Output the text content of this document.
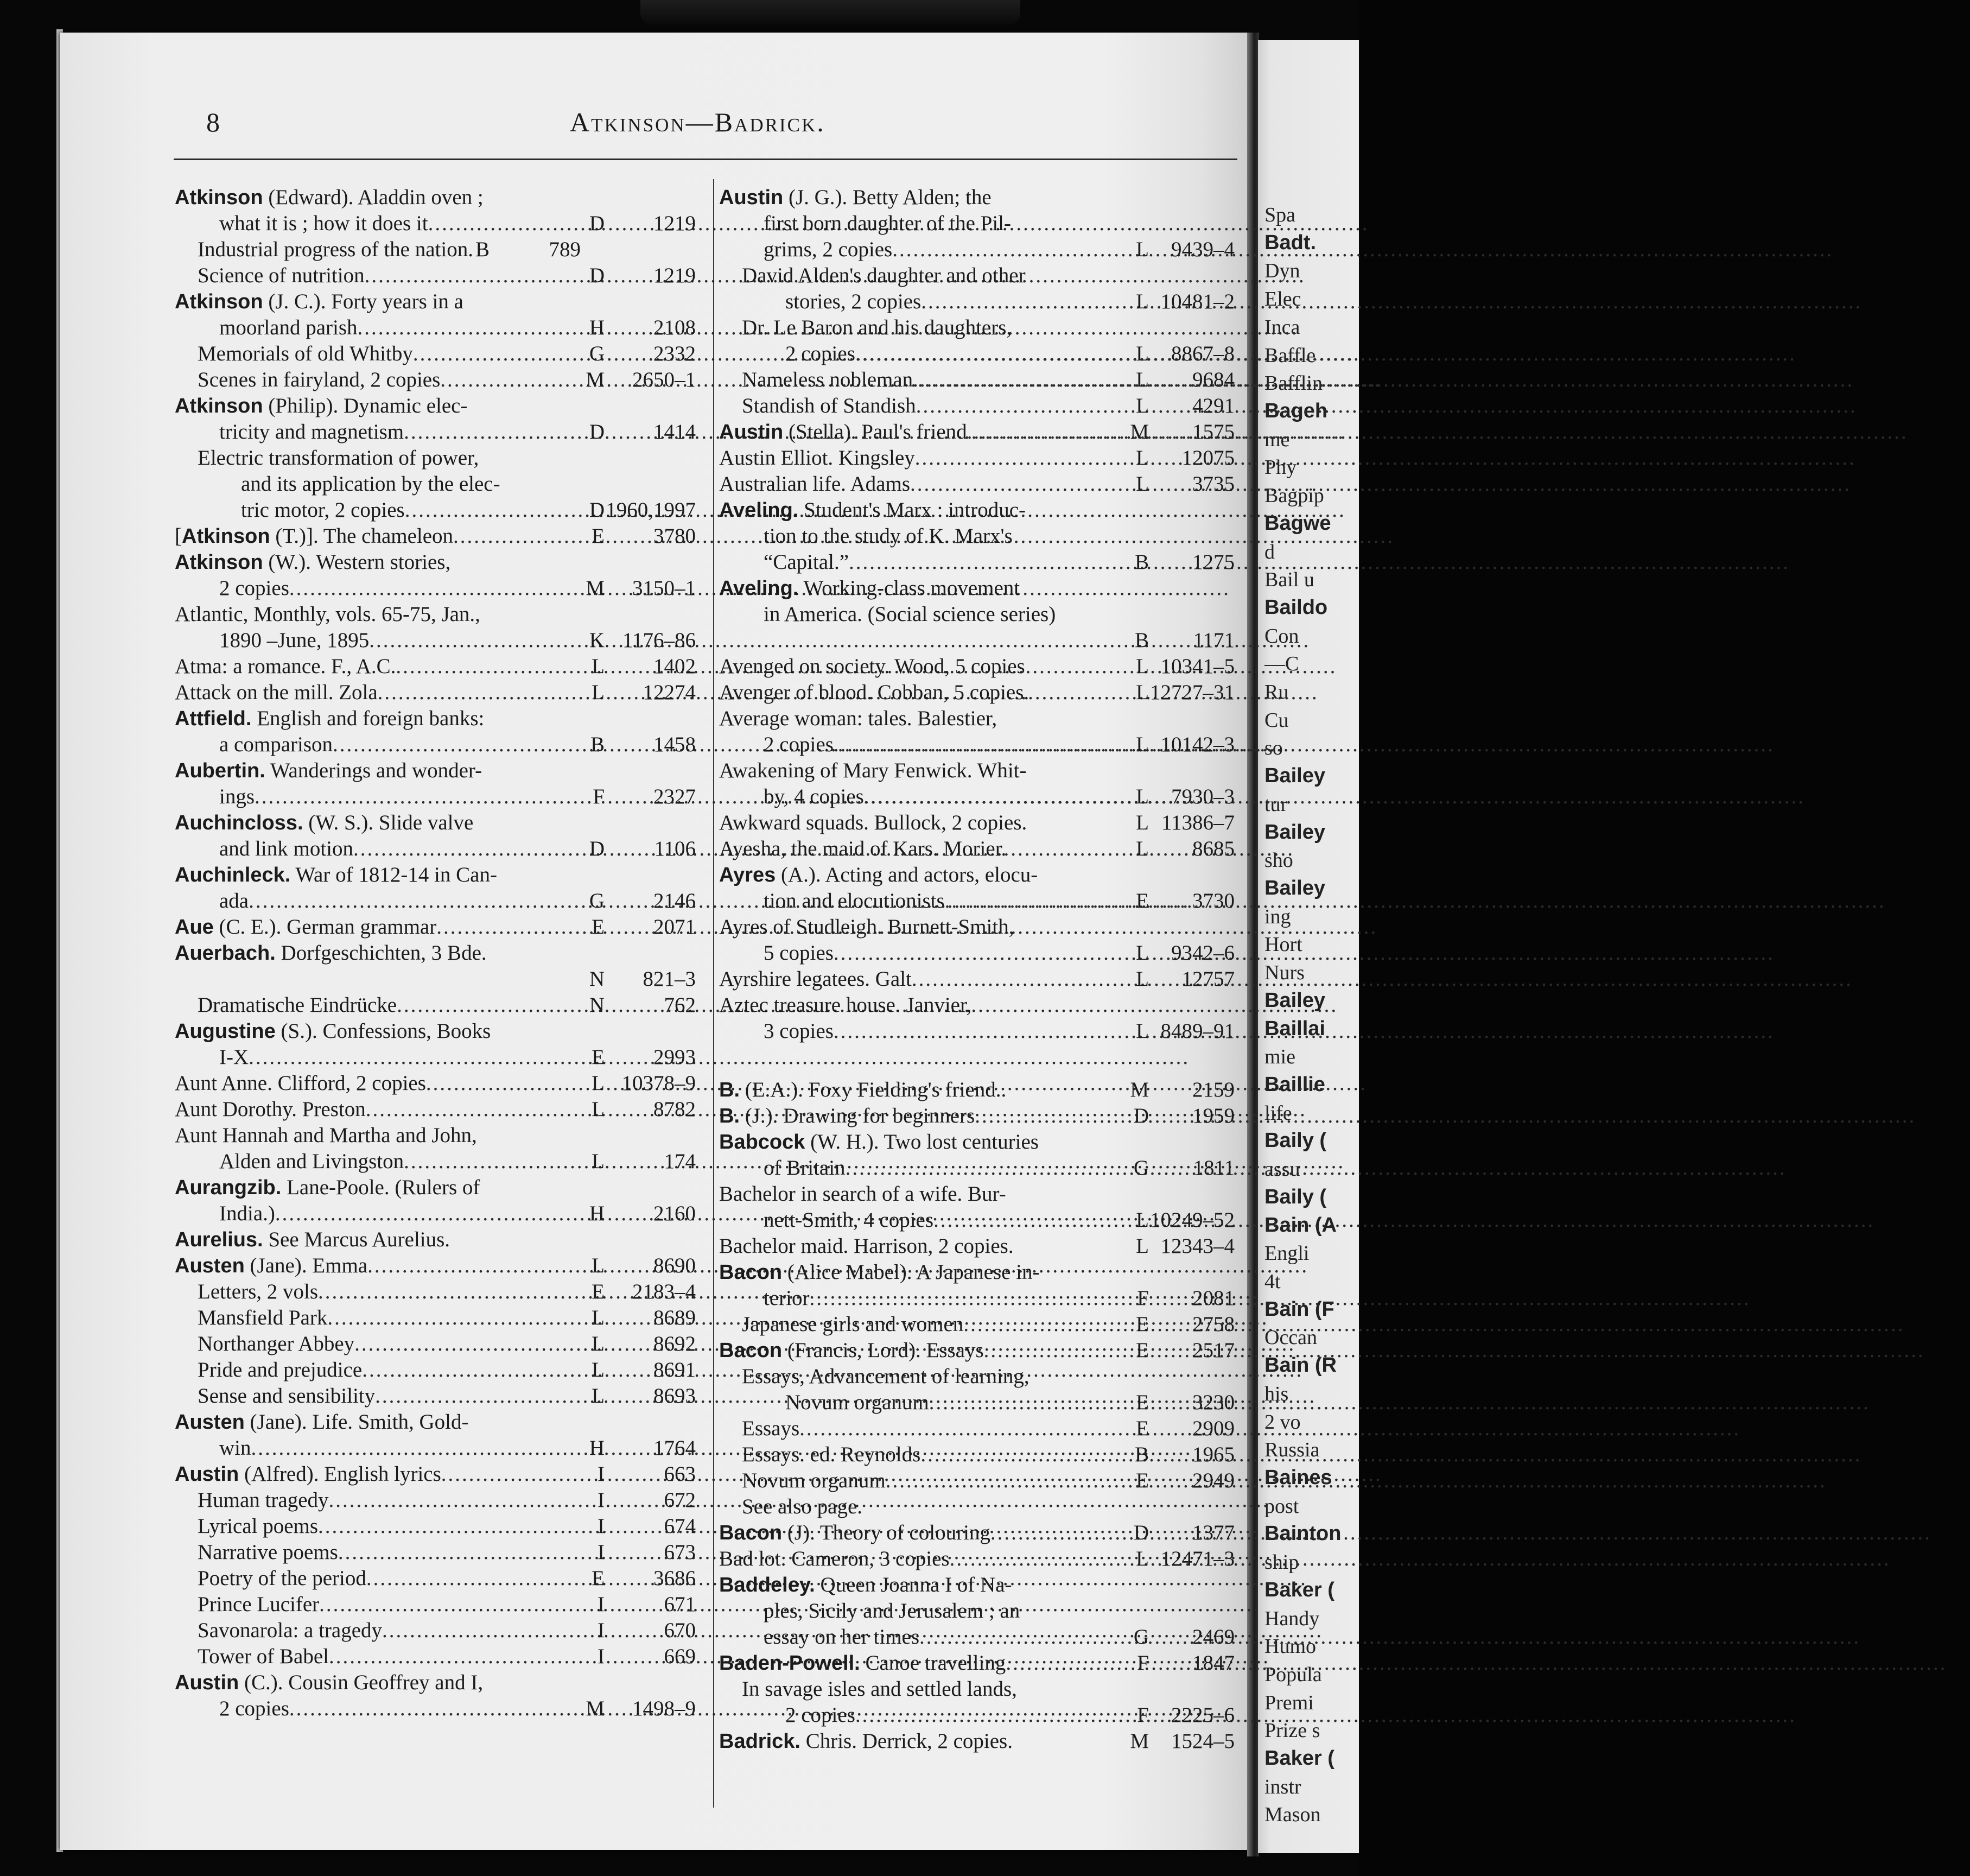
Spa
Badt.
Dyn
Elec
Inca
Baffle
Bafflin
Bageh
me
Phy
Bagpip
Bagwe
d
Bail u
Baildo
Con
—C
Ru
Cu
so
Bailey
tur
Bailey
sho
Bailey
ing
Hort
Nurs
Bailey
Baillai
mie
Baillie
life
Baily (
assu
Baily (
Bain (A
Engli
4t
Bain (F
Occan
Bain (R
his
2 vo
Russia
Baines
post
Bainton
ship
Baker (
Handy
Humo
Popula
Premi
Prize s
Baker (
instr
Mason
8	Atkinson—Badrick.
Atkinson (Edward). Aladdin oven ;
what it is ; how it does it .....	D	1219
Industrial progress of the nation. B	789
Science of nutrition .....	D	1219
Atkinson (J. C.). Forty years in a
moorland parish .....	H	2108
Memorials of old Whitby .....	G	2332
Scenes in fairyland, 2 copies .....	M	2650–1
Atkinson (Philip). Dynamic elec-
tricity and magnetism .....	D	1414
Electric transformation of power,
and its application by the elec-
tric motor, 2 copies .....	D 1960,1997
[Atkinson (T.)]. The chameleon .....	E	3780
Atkinson (W.). Western stories,
2 copies .....	M	3150–1
Atlantic, Monthly, vols. 65-75, Jan.,
1890 –June, 1895 .....	K 1176–86
Atma: a romance. F., A.C. .....	L	1402
Attack on the mill. Zola .....	L	12274
Attfield. English and foreign banks:
a comparison .....	B	1458
Aubertin. Wanderings and wonder-
ings .....	F	2327
Auchincloss. (W. S.). Slide valve
and link motion .....	D	1106
Auchinleck. War of 1812-14 in Can-
ada .....	G	2146
Aue (C. E.). German grammar .....	E	2071
Auerbach. Dorfgeschichten, 3 Bde.
N	821–3
Dramatische Eindrücke .....	N	762
Augustine (S.). Confessions, Books
I-X .....	E	2993
Aunt Anne. Clifford, 2 copies .....	L 10378–9
Aunt Dorothy. Preston .....	L	8782
Aunt Hannah and Martha and John,
Alden and Livingston .....	L	174
Aurangzib. Lane-Poole. (Rulers of
India.) .....	H	2160
Aurelius. See Marcus Aurelius.
Austen (Jane). Emma .....	L	8690
Letters, 2 vols .....	E	2183–4
Mansfield Park .....	L	8689
Northanger Abbey .....	L	8692
Pride and prejudice .....	L	8691
Sense and sensibility .....	L	8693
Austen (Jane). Life. Smith, Gold-
win .....	H	1764
Austin (Alfred). English lyrics .....	I	663
Human tragedy .....	I	672
Lyrical poems .....	I	674
Narrative poems .....	I	673
Poetry of the period .....	E	3686
Prince Lucifer .....	I	671
Savonarola: a tragedy .....	I	670
Tower of Babel .....	I	669
Austin (C.). Cousin Geoffrey and I,
2 copies .....	M	1498–9
Austin (J. G.). Betty Alden; the
first born daughter of the Pil-
grims, 2 copies .....	L	9439–4
David Alden's daughter and other
stories, 2 copies .....	L 10481–2
Dr. Le Baron and his daughters,
2 copies .....	L	8867–8
Nameless nobleman .....	L	9684
Standish of Standish .....	L	4291
Austin (Stella). Paul's friend .....	M	1575
Austin Elliot. Kingsley .....	L	12075
Australian life. Adams .....	L	3735
Aveling. Student's Marx : introduc-
tion to the study of K. Marx's
“Capital.” .....	B	1275
Aveling. Working-class movement
in America. (Social science series)
B	1171
Avenged on society. Wood, 5 copies	L 10341–5
Avenger of blood. Cobban, 5 copies.	L 12727–31
Average woman: tales. Balestier,
2 copies .....	L 10142–3
Awakening of Mary Fenwick. Whit-
by, 4 copies .....	L	7930–3
Awkward squads. Bullock, 2 copies.	L 11386–7
Ayesha, the maid of Kars. Morier.	L	8685
Ayres (A.). Acting and actors, elocu-
tion and elocutionists .....	E	3730
Ayres of Studleigh. Burnett-Smith,
5 copies .....	L	9342–6
Ayrshire legatees. Galt .....	L	12757
Aztec treasure house. Janvier,
3 copies .....	L 8489–91
B. (E.A.). Foxy Fielding's friend..	M	2159
B. (J.). Drawing for beginners .....	D	1959
Babcock (W. H.). Two lost centuries
of Britain .....	G	1811
Bachelor in search of a wife. Bur-
nett-Smith, 4 copies .....	L 10249–52
Bachelor maid. Harrison, 2 copies.	L 12343–4
Bacon (Alice Mabel). A Japanese in-
terior .....	F	2081
Japanese girls and women .....	E	2758
Bacon (Francis, Lord). Essays .....	E	2517
Essays, Advancement of learning,
Novum organum .....	E	3230
Essays .....	E	2909
Essays. ed. Reynolds .....	B	1965
Novum organum .....	E	2949
See also page.
Bacon (J). Theory of colouring .....	D	1377
Bad lot. Cameron, 3 copies .....	L 12471–3
Baddeley. Queen Joanna I of Na-
ples, Sicily and Jerusalem ; an
essay on her times .....	G	2469
Baden-Powell. Canoe travelling .....	F	1847
In savage isles and settled lands,
2 copies .....	F	2225–6
Badrick. Chris. Derrick, 2 copies.	M	1524–5
